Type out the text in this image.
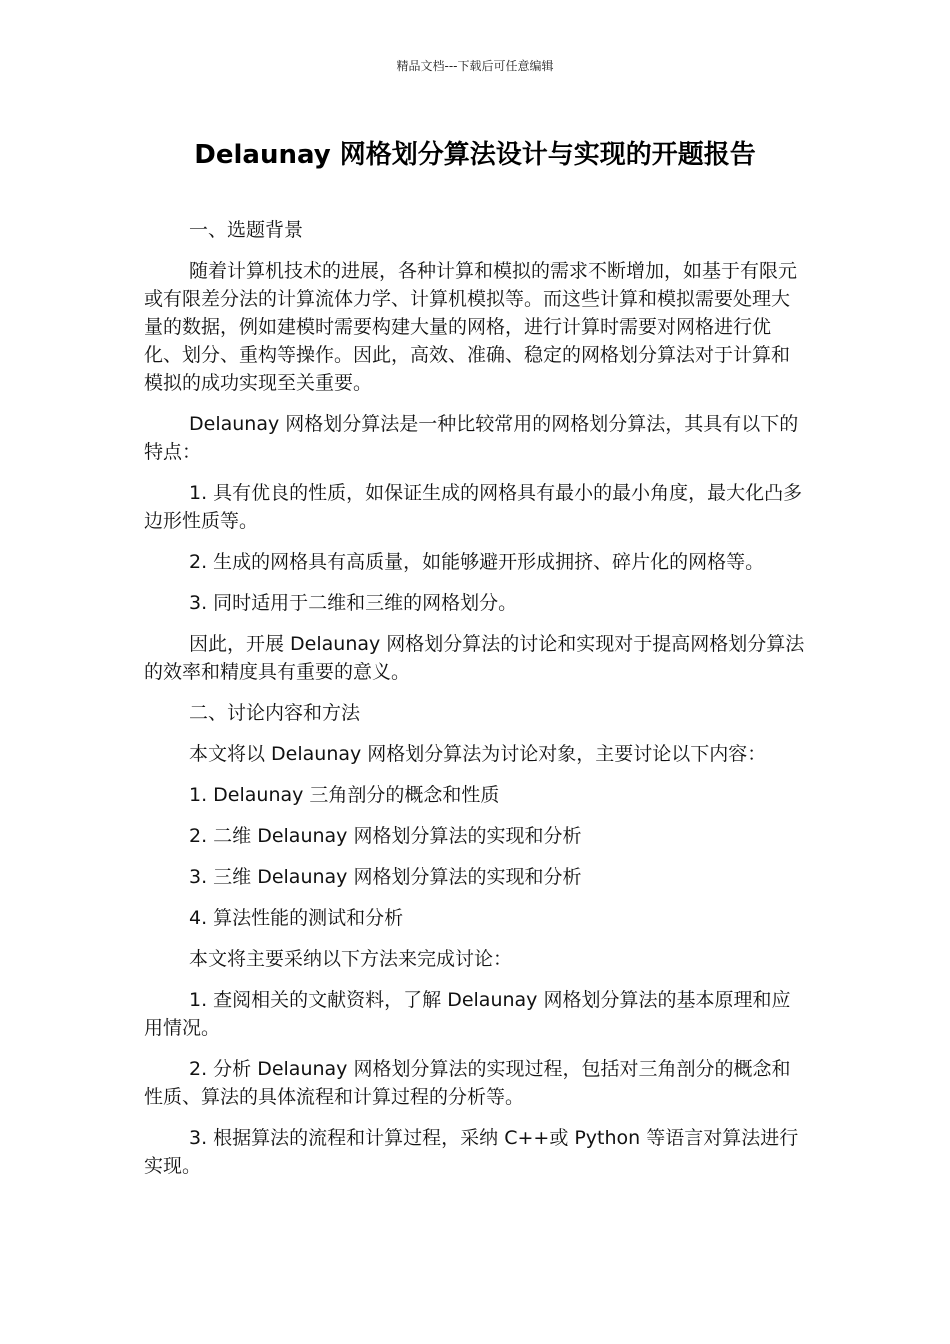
精品文档---下载后可任意编辑
Delaunay 网格划分算法设计与实现的开题报告

一、选题背景

随着计算机技术的进展，各种计算和模拟的需求不断增加，如基于有限元或有限差分法的计算流体力学、计算机模拟等。而这些计算和模拟需要处理大量的数据，例如建模时需要构建大量的网格，进行计算时需要对网格进行优化、划分、重构等操作。因此，高效、准确、稳定的网格划分算法对于计算和模拟的成功实现至关重要。

Delaunay 网格划分算法是一种比较常用的网格划分算法，其具有以下的特点：

1. 具有优良的性质，如保证生成的网格具有最小的最小角度，最大化凸多边形性质等。

2. 生成的网格具有高质量，如能够避开形成拥挤、碎片化的网格等。

3. 同时适用于二维和三维的网格划分。

因此，开展 Delaunay 网格划分算法的讨论和实现对于提高网格划分算法的效率和精度具有重要的意义。

二、讨论内容和方法

本文将以 Delaunay 网格划分算法为讨论对象，主要讨论以下内容：

1. Delaunay 三角剖分的概念和性质

2. 二维 Delaunay 网格划分算法的实现和分析

3. 三维 Delaunay 网格划分算法的实现和分析

4. 算法性能的测试和分析

本文将主要采纳以下方法来完成讨论：

1. 查阅相关的文献资料，了解 Delaunay 网格划分算法的基本原理和应用情况。

2. 分析 Delaunay 网格划分算法的实现过程，包括对三角剖分的概念和性质、算法的具体流程和计算过程的分析等。

3. 根据算法的流程和计算过程，采纳 C++或 Python 等语言对算法进行实现。
